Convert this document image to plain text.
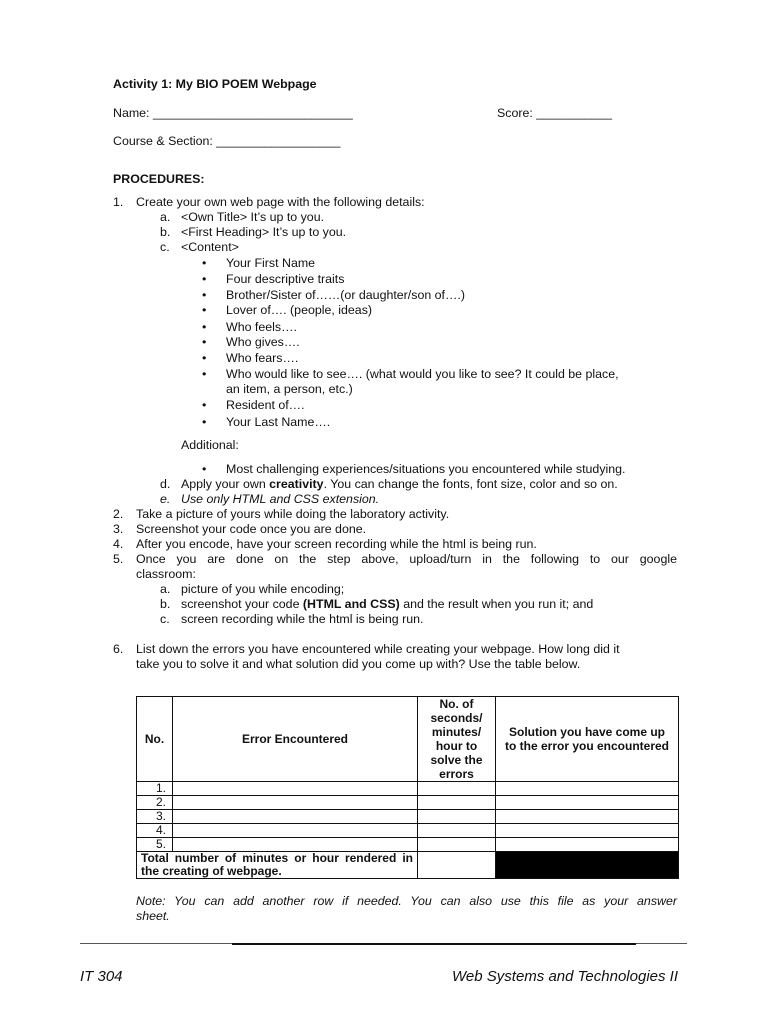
Activity 1: My BIO POEM Webpage
Name: _____________________________	Score: ___________
Course & Section: __________________
PROCEDURES:
1. Create your own web page with the following details:
a. <Own Title> It’s up to you.
b. <First Heading> It’s up to you.
c. <Content>
• Your First Name
• Four descriptive traits
• Brother/Sister of……(or daughter/son of….)
• Lover of…. (people, ideas)
• Who feels….
• Who gives….
• Who fears….
• Who would like to see…. (what would you like to see? It could be place,
an item, a person, etc.)
• Resident of….
• Your Last Name….
Additional:
• Most challenging experiences/situations you encountered while studying.
d. Apply your own creativity. You can change the fonts, font size, color and so on.
e. Use only HTML and CSS extension.
2. Take a picture of yours while doing the laboratory activity.
3. Screenshot your code once you are done.
4. After you encode, have your screen recording while the html is being run.
5. Once you are done on the step above, upload/turn in the following to our google
classroom:
a. picture of you while encoding;
b. screenshot your code (HTML and CSS) and the result when you run it; and
c. screen recording while the html is being run.
6. List down the errors you have encountered while creating your webpage. How long did it
take you to solve it and what solution did you come up with? Use the table below.
No.	Error Encountered	No. of seconds/ minutes/ hour to solve the errors	Solution you have come up to the error you encountered
1.			
2.			
3.			
4.			
5.			
Total number of minutes or hour rendered in the creating of webpage.			
Note: You can add another row if needed. You can also use this file as your answer
sheet.
IT 304	Web Systems and Technologies II
